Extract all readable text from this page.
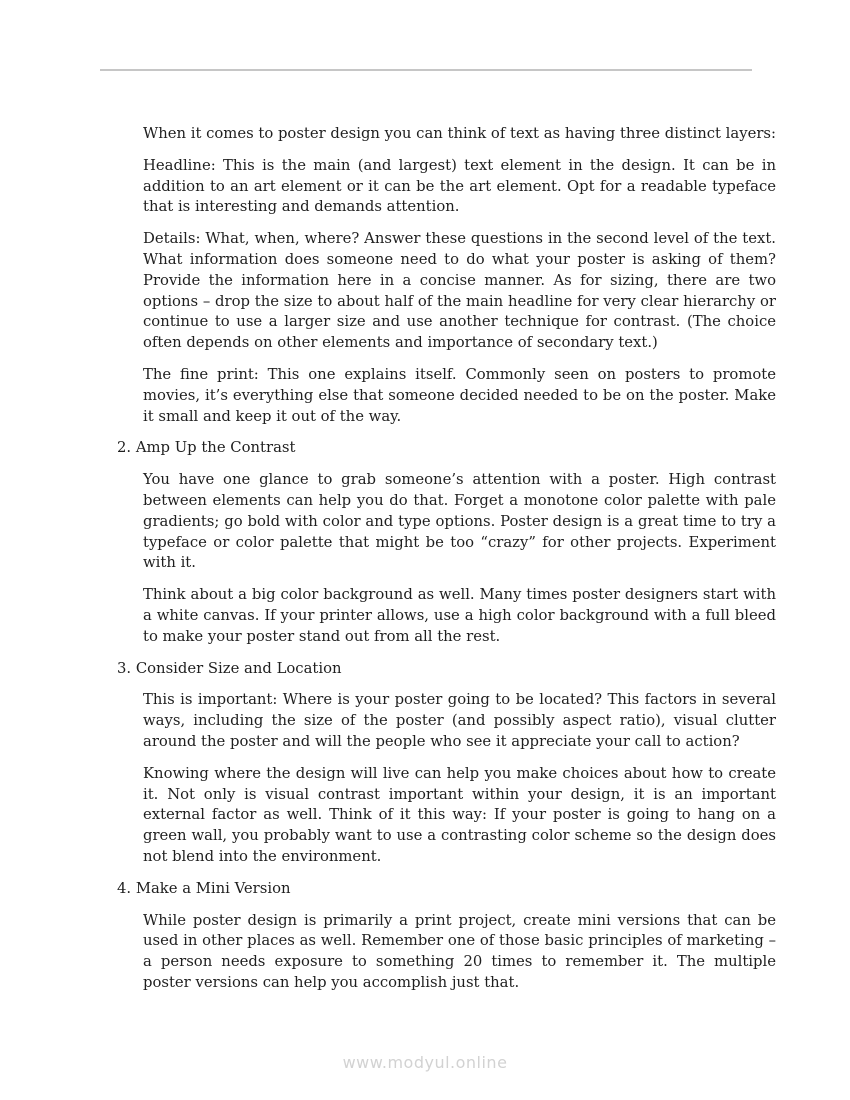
When it comes to poster design you can think of text as having three distinct layers:

Headline: This is the main (and largest) text element in the design. It can be in addition to an art element or it can be the art element. Opt for a readable typeface that is interesting and demands attention.

Details: What, when, where? Answer these questions in the second level of the text. What information does someone need to do what your poster is asking of them? Provide the information here in a concise manner. As for sizing, there are two options – drop the size to about half of the main headline for very clear hierarchy or continue to use a larger size and use another technique for contrast. (The choice often depends on other elements and importance of secondary text.)

The fine print: This one explains itself. Commonly seen on posters to promote movies, it’s everything else that someone decided needed to be on the poster. Make it small and keep it out of the way.

2. Amp Up the Contrast

You have one glance to grab someone’s attention with a poster. High contrast between elements can help you do that. Forget a monotone color palette with pale gradients; go bold with color and type options. Poster design is a great time to try a typeface or color palette that might be too “crazy” for other projects. Experiment with it.

Think about a big color background as well. Many times poster designers start with a white canvas. If your printer allows, use a high color background with a full bleed to make your poster stand out from all the rest.

3. Consider Size and Location

This is important: Where is your poster going to be located? This factors in several ways, including the size of the poster (and possibly aspect ratio), visual clutter around the poster and will the people who see it appreciate your call to action?

Knowing where the design will live can help you make choices about how to create it. Not only is visual contrast important within your design, it is an important external factor as well. Think of it this way: If your poster is going to hang on a green wall, you probably want to use a contrasting color scheme so the design does not blend into the environment.

4. Make a Mini Version

While poster design is primarily a print project, create mini versions that can be used in other places as well. Remember one of those basic principles of marketing – a person needs exposure to something 20 times to remember it. The multiple poster versions can help you accomplish just that.

www.modyul.online
